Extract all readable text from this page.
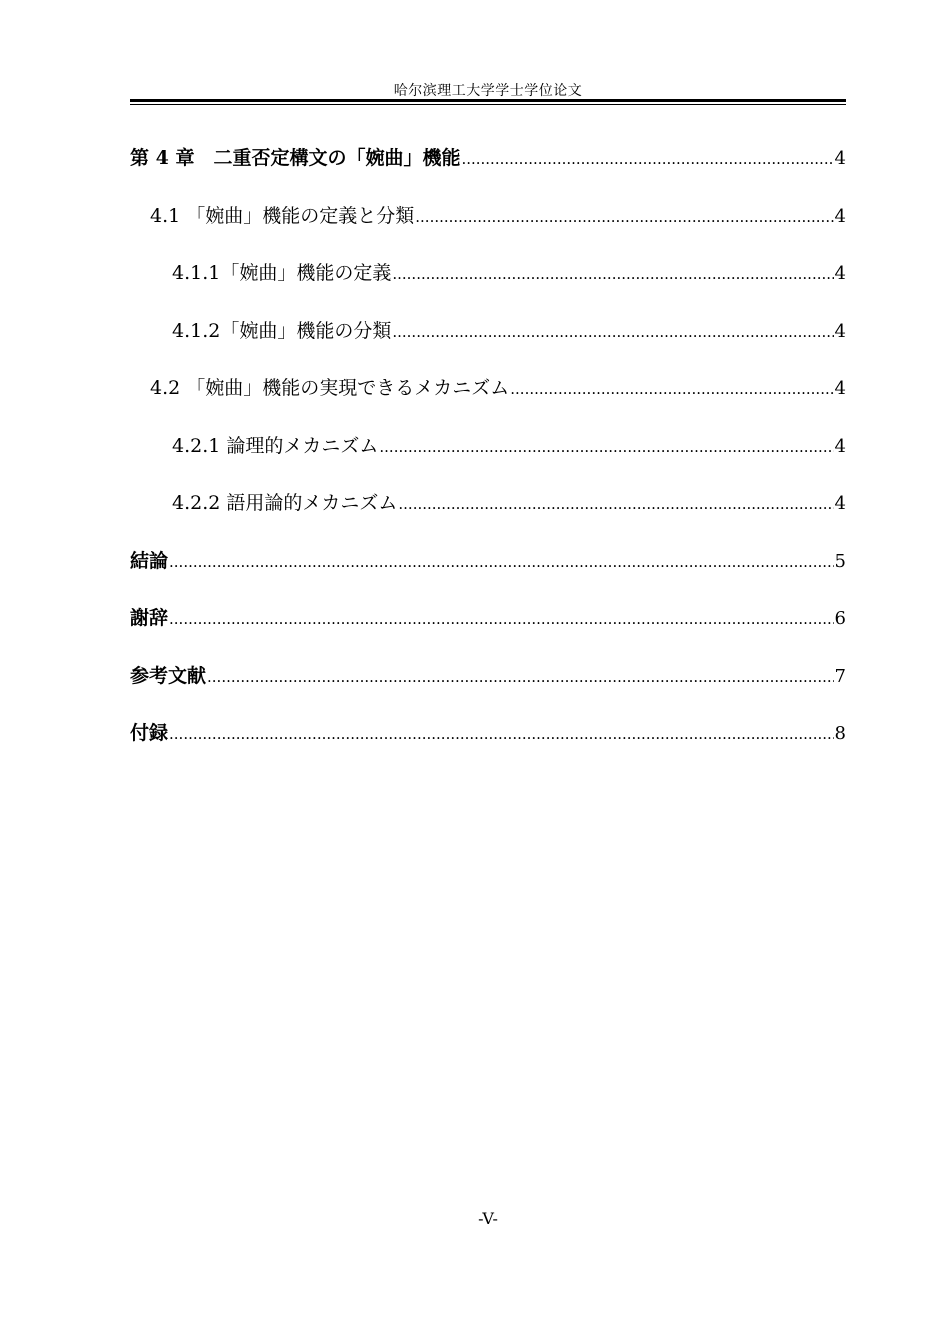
哈尔滨理工大学学士学位论文
第 4 章　二重否定構文の「婉曲」機能 .....	4
4.1 「婉曲」機能の定義と分類 .....	4
4.1.1「婉曲」機能の定義 .....	4
4.1.2「婉曲」機能の分類 .....	4
4.2 「婉曲」機能の実現できるメカニズム .....	4
4.2.1 論理的メカニズム .....	4
4.2.2 語用論的メカニズム .....	4
結論 .....	5
謝辞 .....	6
参考文献 .....	7
付録 .....	8
-V-
